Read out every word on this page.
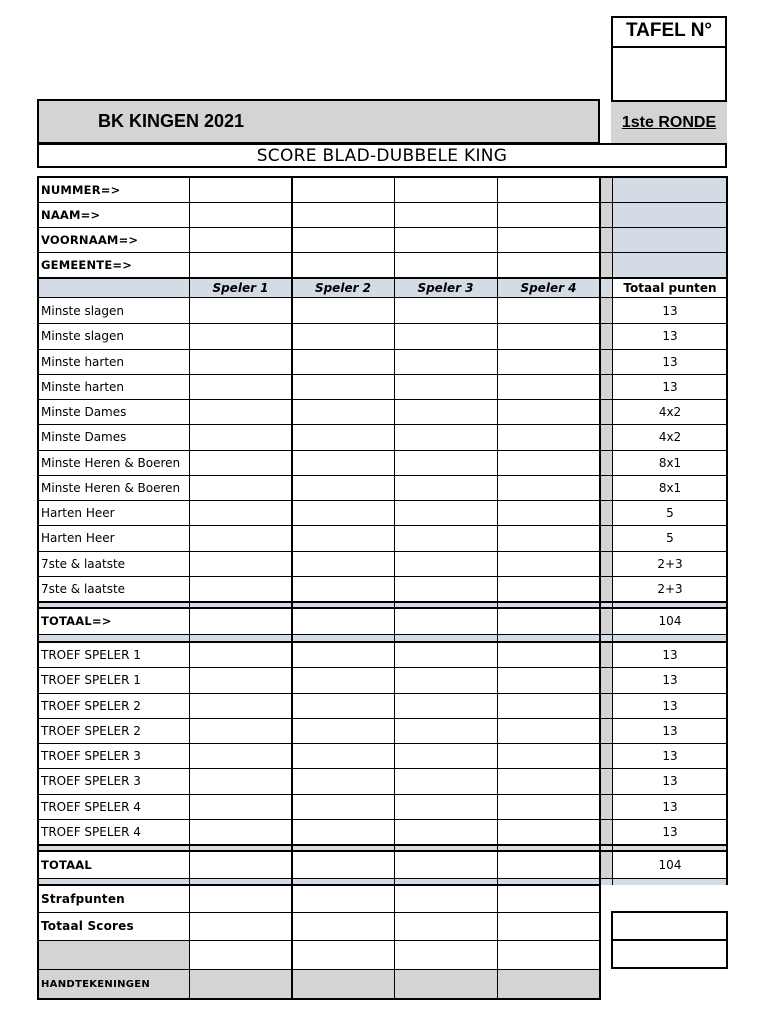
TAFEL N°
1ste RONDE
BK KINGEN 2021
SCORE BLAD-DUBBELE KING
NUMMER=>
NAAM=>
VOORNAAM=>
GEMEENTE=>
Speler 1	Speler 2	Speler 3	Speler 4	Totaal punten
Minste slagen	13
Minste slagen	13
Minste harten	13
Minste harten	13
Minste Dames	4x2
Minste Dames	4x2
Minste Heren & Boeren	8x1
Minste Heren & Boeren	8x1
Harten Heer	5
Harten Heer	5
7ste & laatste	2+3
7ste & laatste	2+3
TOTAAL=>	104
TROEF SPELER 1	13
TROEF SPELER 1	13
TROEF SPELER 2	13
TROEF SPELER 2	13
TROEF SPELER 3	13
TROEF SPELER 3	13
TROEF SPELER 4	13
TROEF SPELER 4	13
TOTAAL	104
Strafpunten
Totaal Scores
HANDTEKENINGEN
